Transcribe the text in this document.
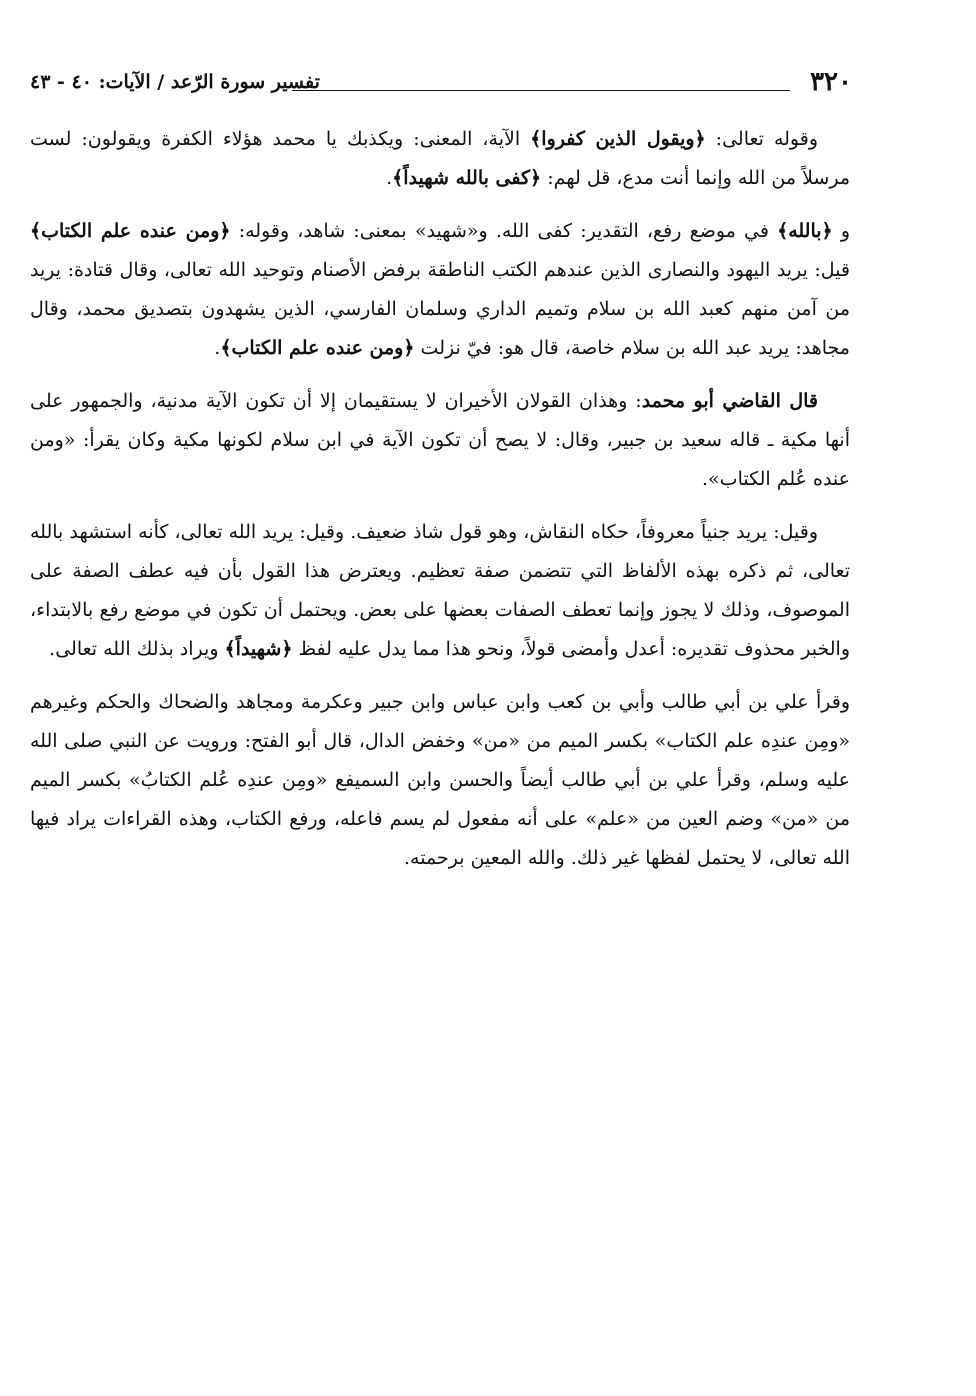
٣٢٠
تفسير سورة الرّعد / الآيات: ٤٠ - ٤٣

وقوله تعالى: ﴿ويقول الذين كفروا﴾ الآية، المعنى: ويكذبك يا محمد هؤلاء الكفرة ويقولون: لست مرسلاً من الله وإنما أنت مدع، قل لهم: ﴿كفى بالله شهيداً﴾.

و ﴿بالله﴾ في موضع رفع، التقدير: كفى الله. و«شهيد» بمعنى: شاهد، وقوله: ﴿ومن عنده علم الكتاب﴾ قيل: يريد اليهود والنصارى الذين عندهم الكتب الناطقة برفض الأصنام وتوحيد الله تعالى، وقال قتادة: يريد من آمن منهم كعبد الله بن سلام وتميم الداري وسلمان الفارسي، الذين يشهدون بتصديق محمد، وقال مجاهد: يريد عبد الله بن سلام خاصة، قال هو: فيّ نزلت ﴿ومن عنده علم الكتاب﴾.

قال القاضي أبو محمد: وهذان القولان الأخيران لا يستقيمان إلا أن تكون الآية مدنية، والجمهور على أنها مكية ـ قاله سعيد بن جبير، وقال: لا يصح أن تكون الآية في ابن سلام لكونها مكية وكان يقرأ: «ومن عنده عُلم الكتاب».

وقيل: يريد جنياً معروفاً، حكاه النقاش، وهو قول شاذ ضعيف. وقيل: يريد الله تعالى، كأنه استشهد بالله تعالى، ثم ذكره بهذه الألفاظ التي تتضمن صفة تعظيم. ويعترض هذا القول بأن فيه عطف الصفة على الموصوف، وذلك لا يجوز وإنما تعطف الصفات بعضها على بعض. ويحتمل أن تكون في موضع رفع بالابتداء، والخبر محذوف تقديره: أعدل وأمضى قولاً، ونحو هذا مما يدل عليه لفظ ﴿شهيداً﴾ ويراد بذلك الله تعالى.

وقرأ علي بن أبي طالب وأبي بن كعب وابن عباس وابن جبير وعكرمة ومجاهد والضحاك والحكم وغيرهم «ومِن عندِه علم الكتاب» بكسر الميم من «من» وخفض الدال، قال أبو الفتح: ورويت عن النبي صلى الله عليه وسلم، وقرأ علي بن أبي طالب أيضاً والحسن وابن السميفع «ومِن عندِه عُلم الكتابُ» بكسر الميم من «من» وضم العين من «علم» على أنه مفعول لم يسم فاعله، ورفع الكتاب، وهذه القراءات يراد فيها الله تعالى، لا يحتمل لفظها غير ذلك. والله المعين برحمته.
